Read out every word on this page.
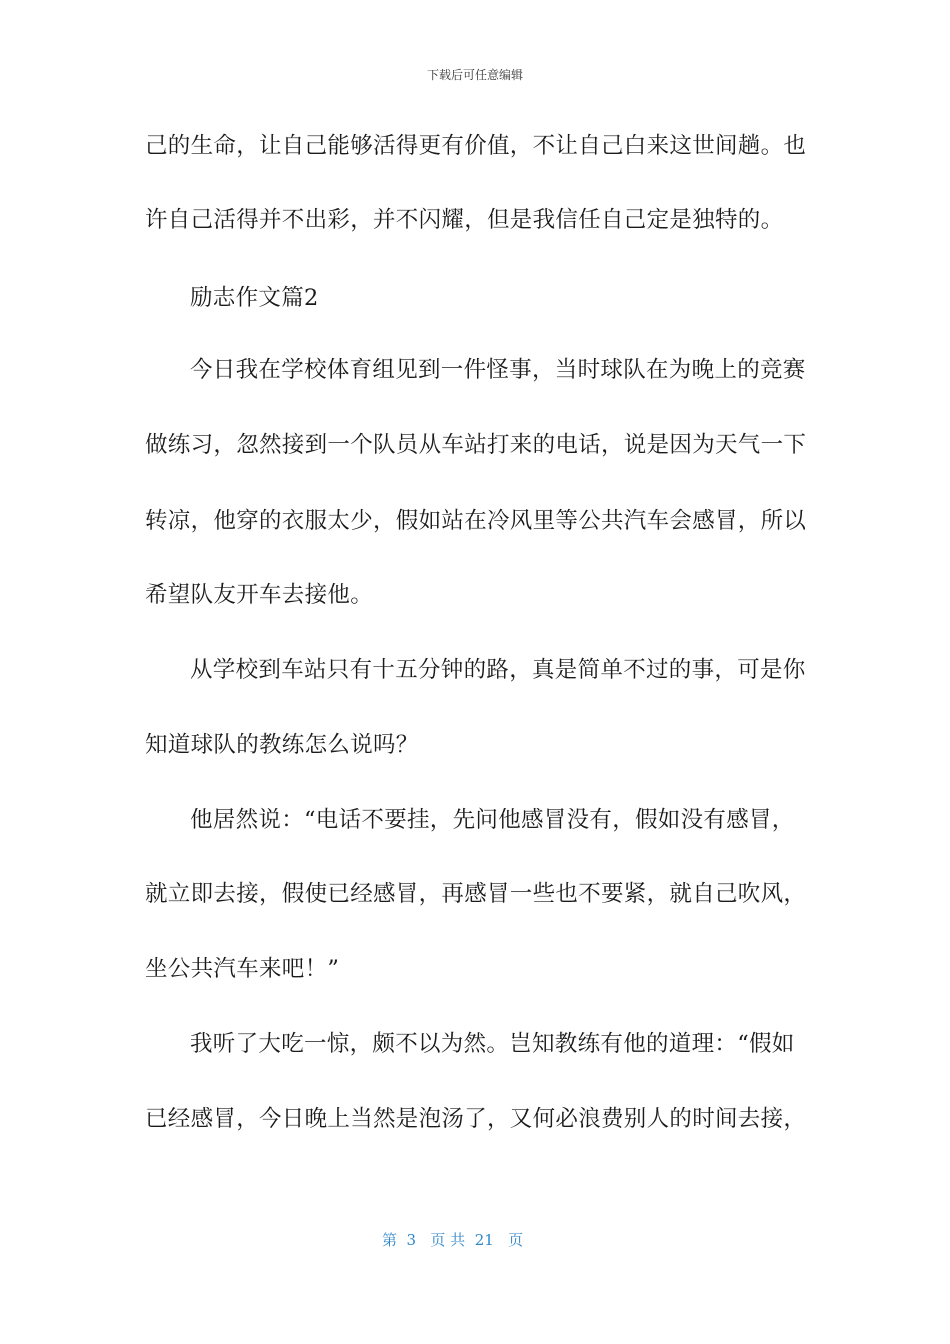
下载后可任意编辑
己的生命，让自己能够活得更有价值，不让自己白来这世间趟。也
许自己活得并不出彩，并不闪耀，但是我信任自己定是独特的。
励志作文篇2
今日我在学校体育组见到一件怪事，当时球队在为晚上的竞赛
做练习，忽然接到一个队员从车站打来的电话，说是因为天气一下
转凉，他穿的衣服太少，假如站在冷风里等公共汽车会感冒，所以
希望队友开车去接他。
从学校到车站只有十五分钟的路，真是简单不过的事，可是你
知道球队的教练怎么说吗？
他居然说：“电话不要挂，先问他感冒没有，假如没有感冒，
就立即去接，假使已经感冒，再感冒一些也不要紧，就自己吹风，
坐公共汽车来吧！”
我听了大吃一惊，颇不以为然。岂知教练有他的道理：“假如
已经感冒，今日晚上当然是泡汤了，又何必浪费别人的时间去接，
第  3   页 共  21   页
